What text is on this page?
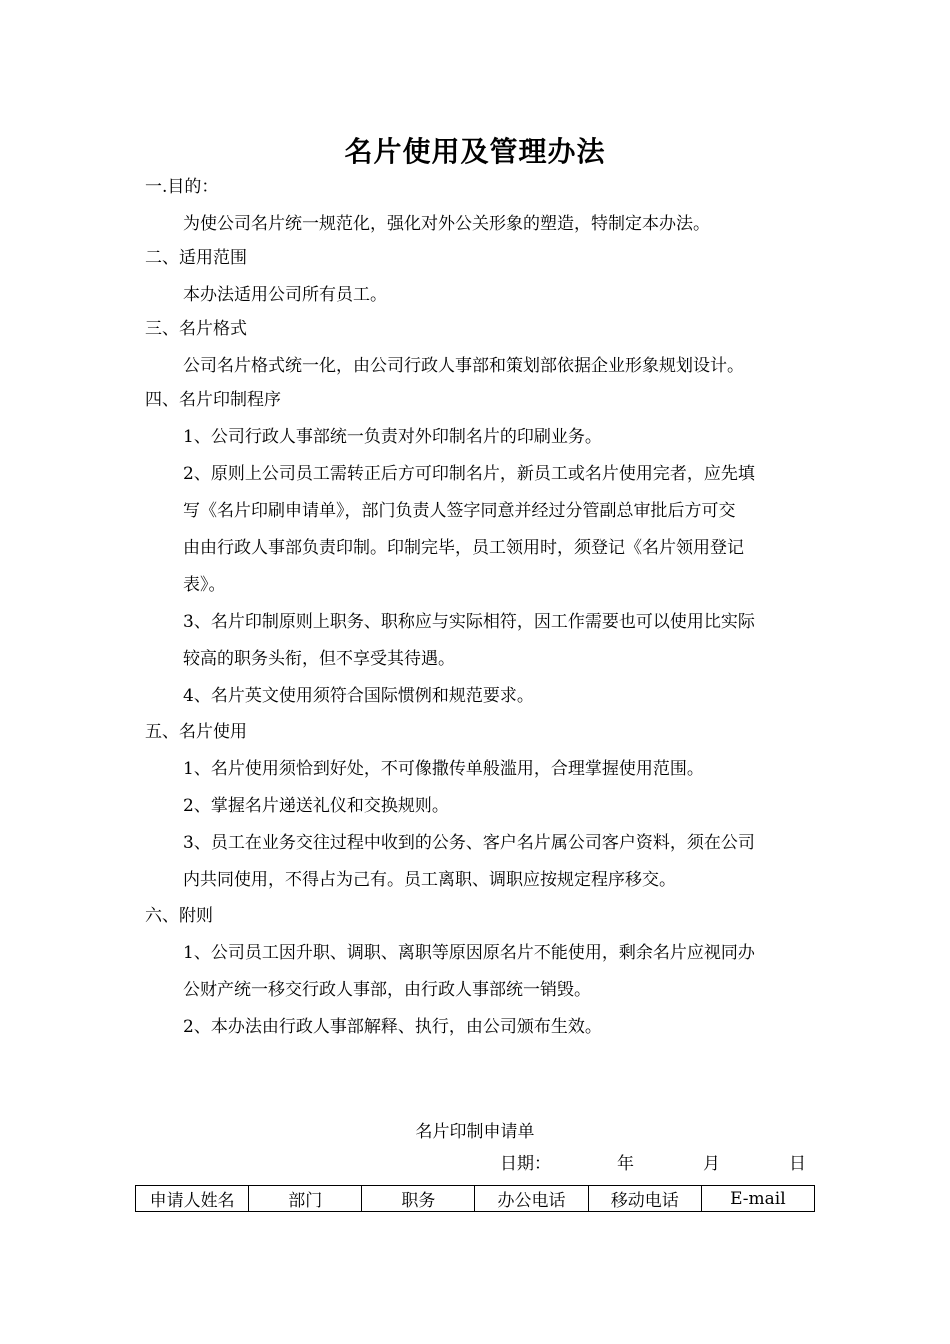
名片使用及管理办法
一.目的：
为使公司名片统一规范化，强化对外公关形象的塑造，特制定本办法。
二、适用范围
本办法适用公司所有员工。
三、名片格式
公司名片格式统一化，由公司行政人事部和策划部依据企业形象规划设计。
四、名片印制程序
1、公司行政人事部统一负责对外印制名片的印刷业务。
2、原则上公司员工需转正后方可印制名片，新员工或名片使用完者，应先填
写《名片印刷申请单》，部门负责人签字同意并经过分管副总审批后方可交
由由行政人事部负责印制。印制完毕，员工领用时，须登记《名片领用登记
表》。
3、名片印制原则上职务、职称应与实际相符，因工作需要也可以使用比实际
较高的职务头衔，但不享受其待遇。
4、名片英文使用须符合国际惯例和规范要求。
五、名片使用
1、名片使用须恰到好处，不可像撒传单般滥用，合理掌握使用范围。
2、掌握名片递送礼仪和交换规则。
3、员工在业务交往过程中收到的公务、客户名片属公司客户资料，须在公司
内共同使用，不得占为己有。员工离职、调职应按规定程序移交。
六、附则
1、公司员工因升职、调职、离职等原因原名片不能使用，剩余名片应视同办
公财产统一移交行政人事部，由行政人事部统一销毁。
2、本办法由行政人事部解释、执行，由公司颁布生效。
名片印制申请单
日期：	年	月	日
申请人姓名	部门	职务	办公电话	移动电话	E-mail
